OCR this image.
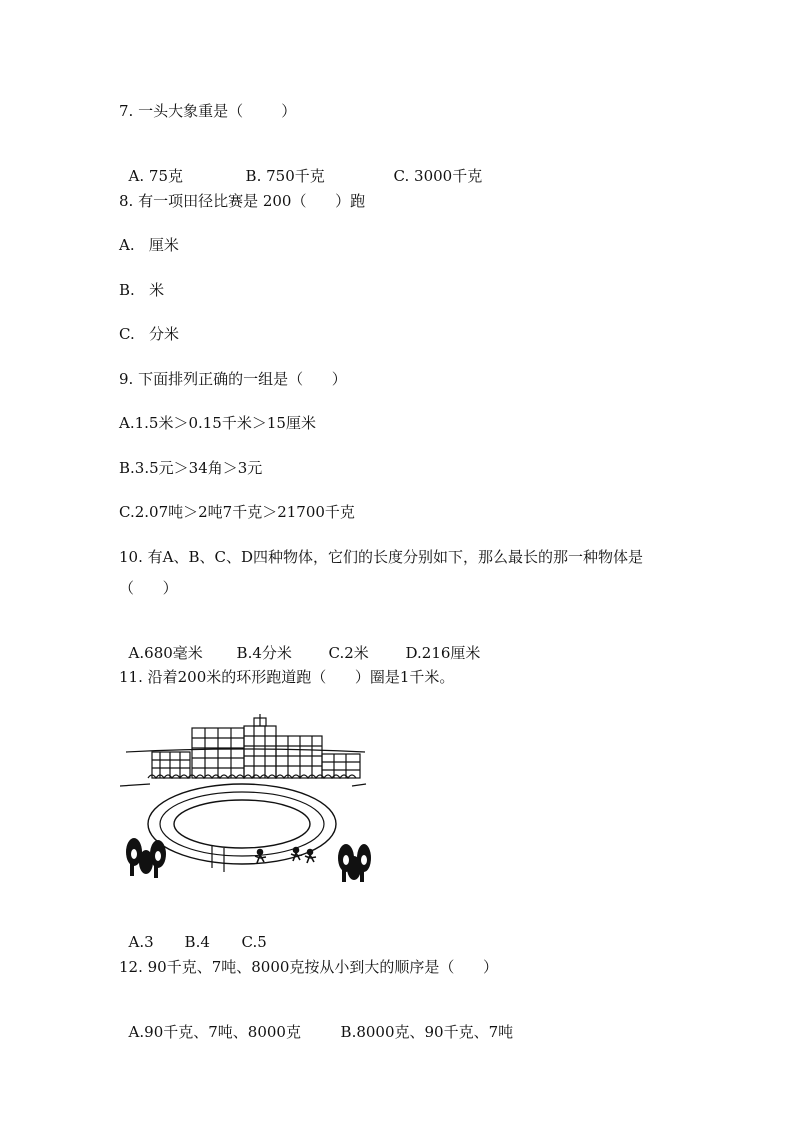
7. 一头大象重是（        ）

A. 75克	B. 750千克	C. 3000千克

8. 有一项田径比赛是 200（      ）跑
A.   厘米
B.   米
C.   分米
9. 下面排列正确的一组是（      ）
A.1.5米＞0.15千米＞15厘米
B.3.5元＞34角＞3元
C.2.07吨＞2吨7千克＞21700千克
10. 有A、B、C、D四种物体，它们的长度分别如下，那么最长的那一种物体是
（      ）

A.680毫米 B.4分米 C.2米 D.216厘米

11. 沿着200米的环形跑道跑（      ）圈是1千米。

A.3 B.4 C.5

12. 90千克、7吨、8000克按从小到大的顺序是（      ）

A.90千克、7吨、8000克	B.8000克、90千克、7吨
